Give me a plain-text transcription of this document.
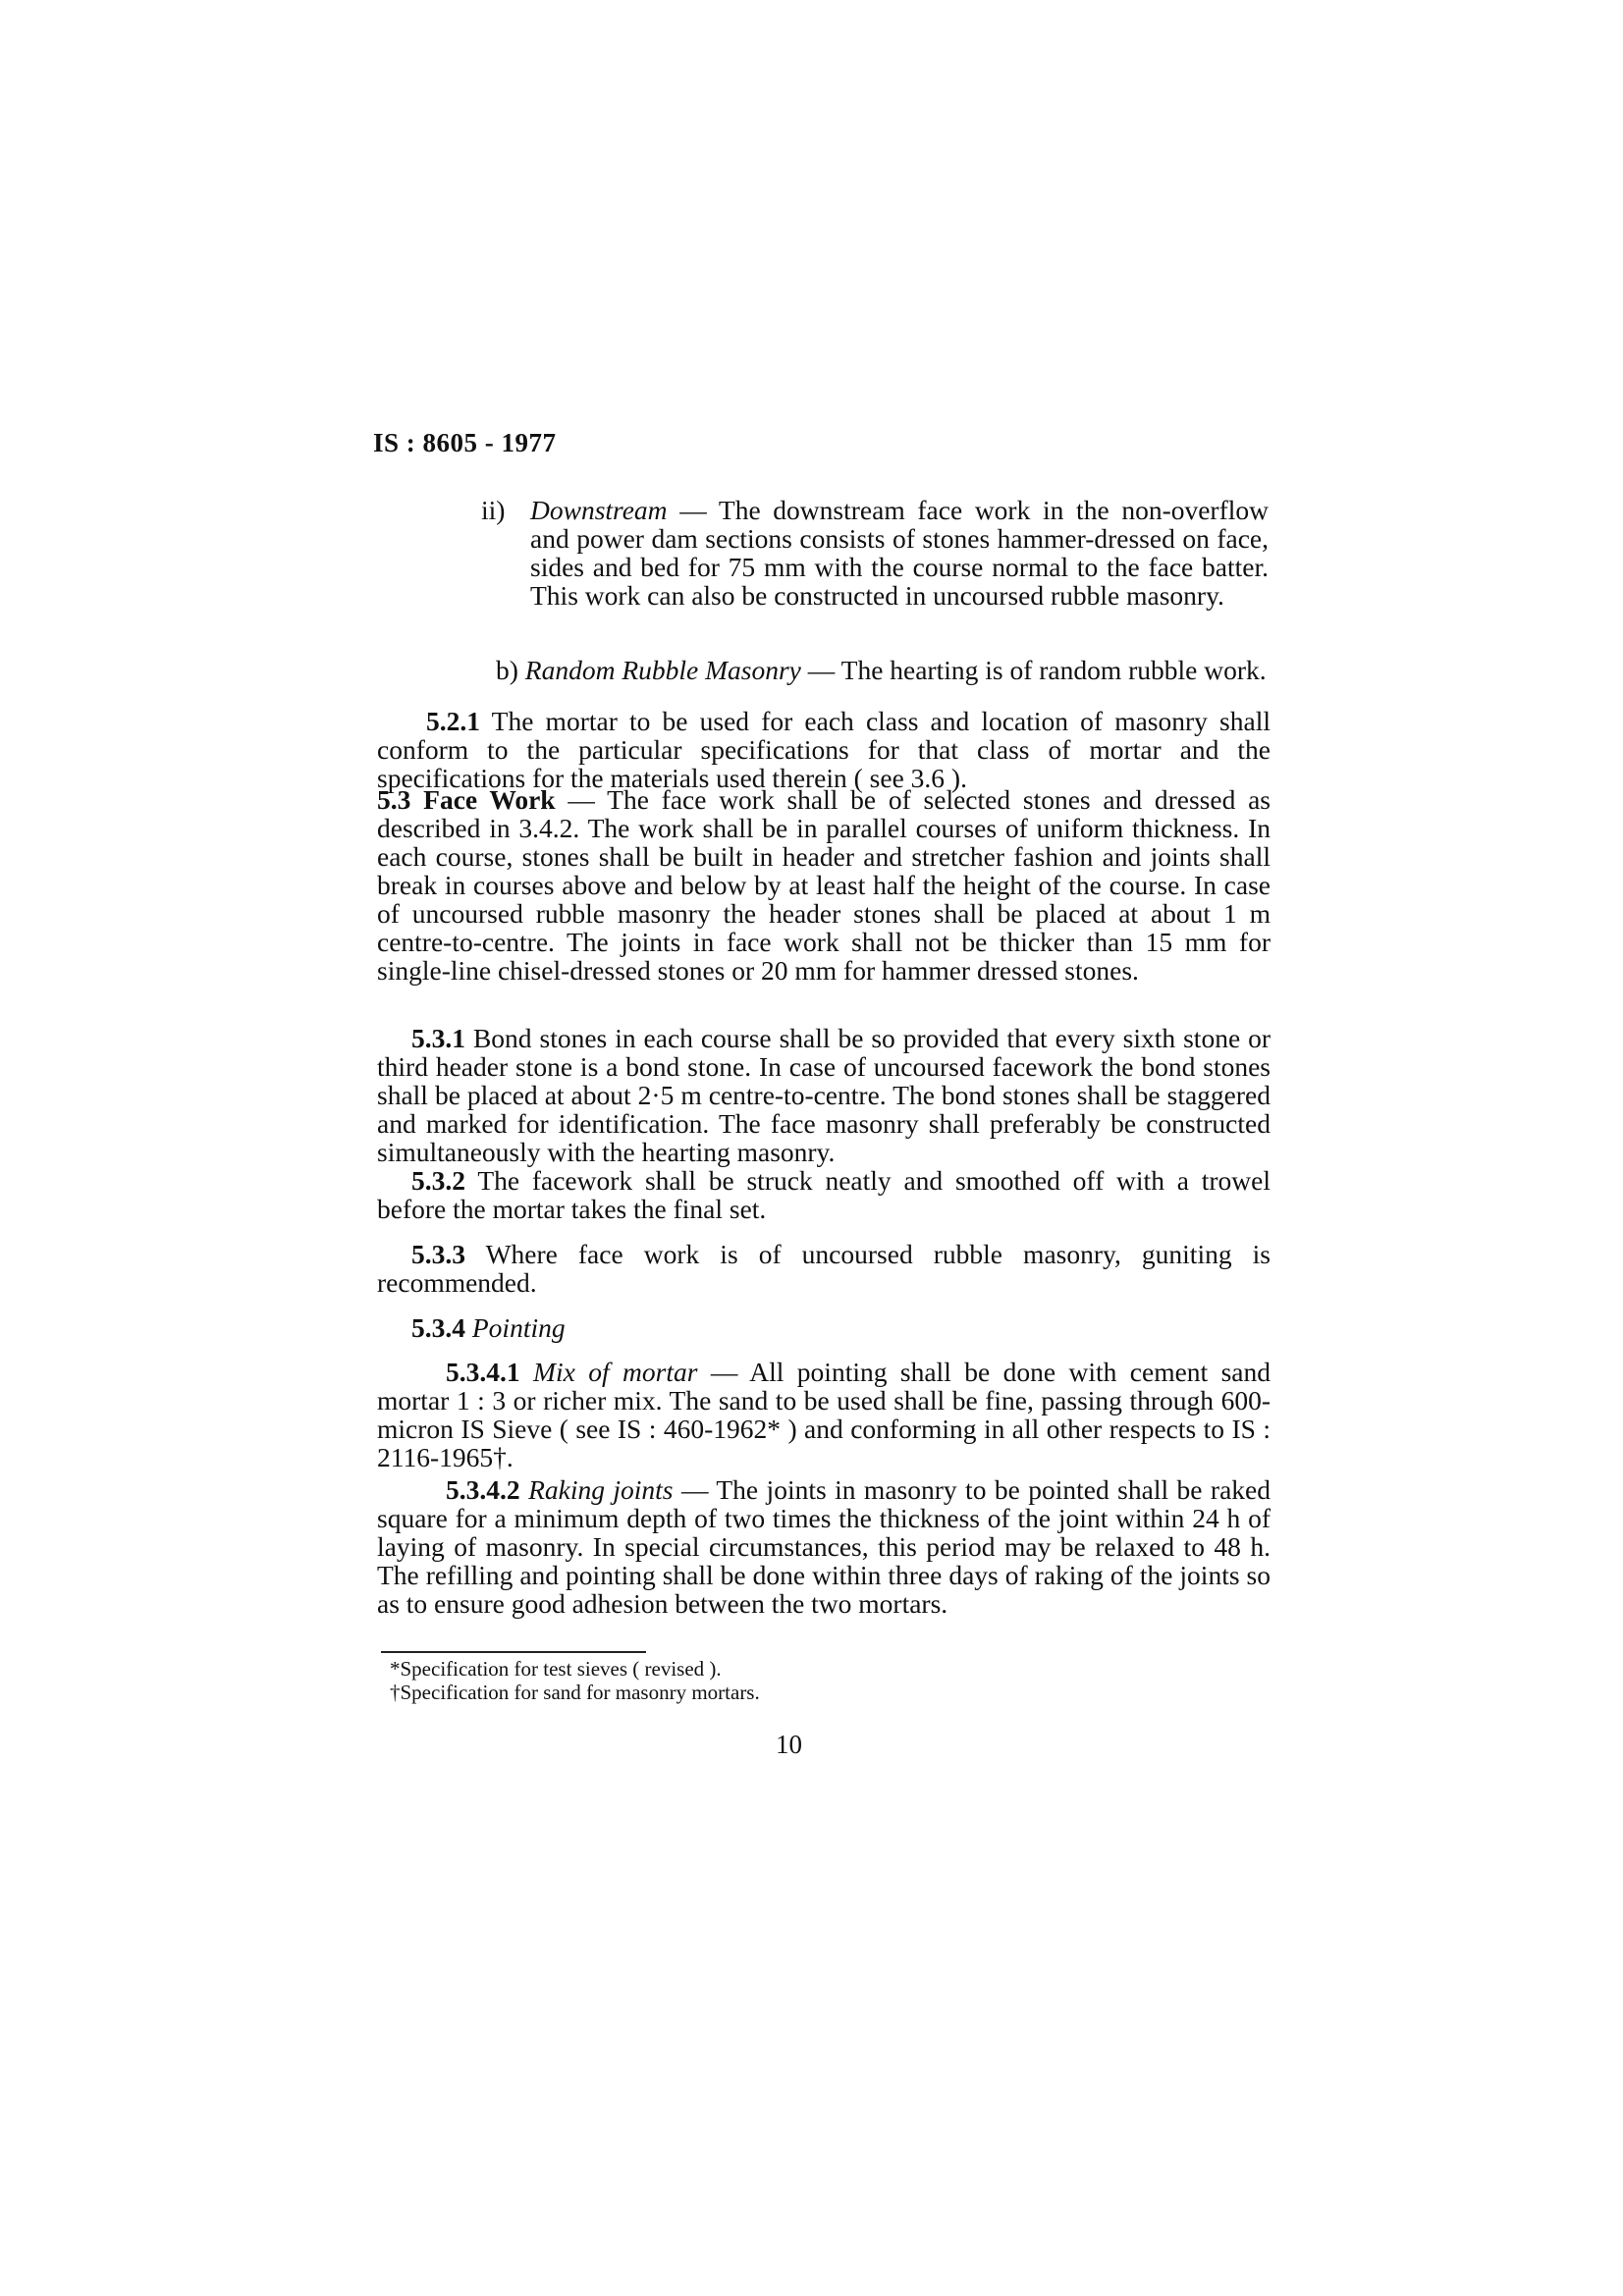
IS : 8605 - 1977
ii) Downstream — The downstream face work in the non-overflow and power dam sections consists of stones hammer-dressed on face, sides and bed for 75 mm with the course normal to the face batter. This work can also be constructed in uncoursed rubble masonry.
b) Random Rubble Masonry — The hearting is of random rubble work.
5.2.1 The mortar to be used for each class and location of masonry shall conform to the particular specifications for that class of mortar and the specifications for the materials used therein ( see 3.6 ).
5.3 Face Work — The face work shall be of selected stones and dressed as described in 3.4.2. The work shall be in parallel courses of uniform thickness. In each course, stones shall be built in header and stretcher fashion and joints shall break in courses above and below by at least half the height of the course. In case of uncoursed rubble masonry the header stones shall be placed at about 1 m centre-to-centre. The joints in face work shall not be thicker than 15 mm for single-line chisel-dressed stones or 20 mm for hammer dressed stones.
5.3.1 Bond stones in each course shall be so provided that every sixth stone or third header stone is a bond stone. In case of uncoursed facework the bond stones shall be placed at about 2·5 m centre-to-centre. The bond stones shall be staggered and marked for identification. The face masonry shall preferably be constructed simultaneously with the hearting masonry.
5.3.2 The facework shall be struck neatly and smoothed off with a trowel before the mortar takes the final set.
5.3.3 Where face work is of uncoursed rubble masonry, guniting is recommended.
5.3.4 Pointing
5.3.4.1 Mix of mortar — All pointing shall be done with cement sand mortar 1 : 3 or richer mix. The sand to be used shall be fine, passing through 600-micron IS Sieve ( see IS : 460-1962* ) and conforming in all other respects to IS : 2116-1965†.
5.3.4.2 Raking joints — The joints in masonry to be pointed shall be raked square for a minimum depth of two times the thickness of the joint within 24 h of laying of masonry. In special circumstances, this period may be relaxed to 48 h. The refilling and pointing shall be done within three days of raking of the joints so as to ensure good adhesion between the two mortars.
*Specification for test sieves ( revised ).
†Specification for sand for masonry mortars.
10
